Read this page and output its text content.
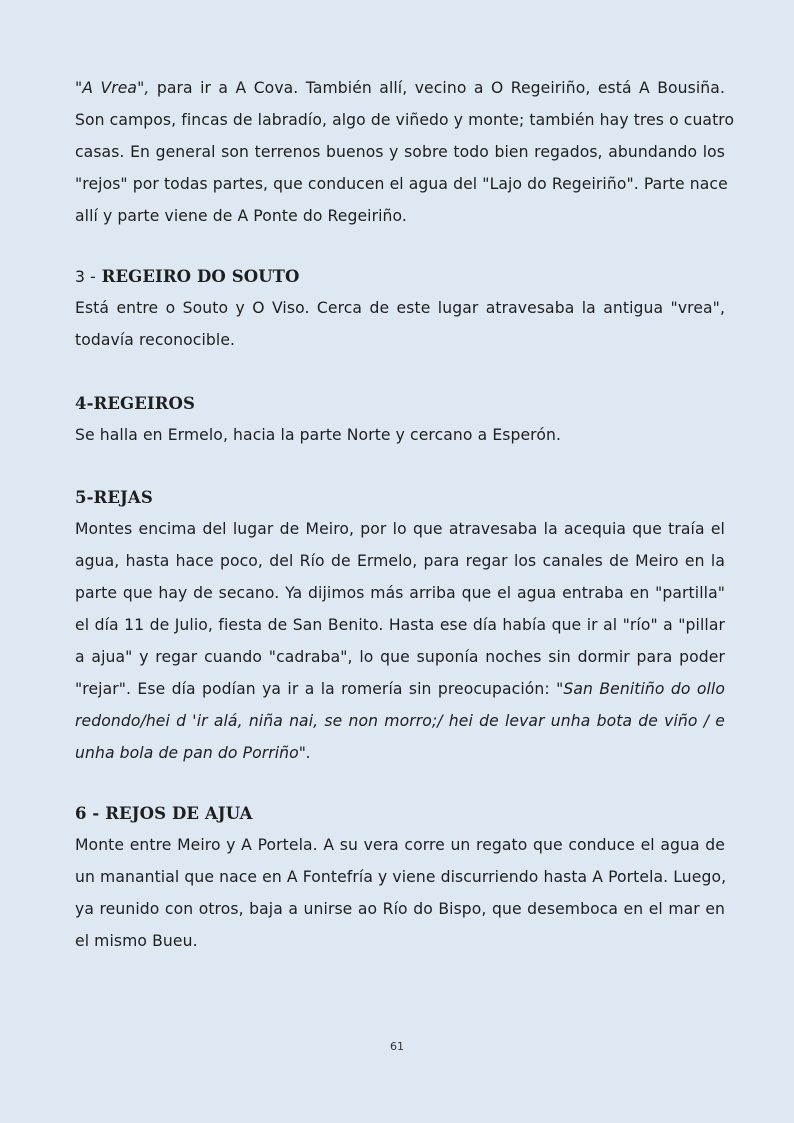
"A Vrea", para ir a A Cova. También allí, vecino a O Regeiriño, está A Bousiña.
Son campos, fincas de labradío, algo de viñedo y monte; también hay tres o cuatro
casas. En general son terrenos buenos y sobre todo bien regados, abundando los
"rejos" por todas partes, que conducen el agua del "Lajo do Regeiriño". Parte nace
allí y parte viene de A Ponte do Regeiriño.
3 - REGEIRO DO SOUTO
Está entre o Souto y O Viso. Cerca de este lugar atravesaba la antigua "vrea",
todavía reconocible.
4-REGEIROS
Se halla en Ermelo, hacia la parte Norte y cercano a Esperón.
5-REJAS
Montes encima del lugar de Meiro, por lo que atravesaba la acequia que traía el
agua, hasta hace poco, del Río de Ermelo, para regar los canales de Meiro en la
parte que hay de secano. Ya dijimos más arriba que el agua entraba en "partilla"
el día 11 de Julio, fiesta de San Benito. Hasta ese día había que ir al "río" a "pillar
a ajua" y regar cuando "cadraba", lo que suponía noches sin dormir para poder
"rejar". Ese día podían ya ir a la romería sin preocupación: "San Benitiño do ollo
redondo/hei d 'ir alá, niña nai, se non morro;/ hei de levar unha bota de viño / e
unha bola de pan do Porriño".
6 - REJOS DE AJUA
Monte entre Meiro y A Portela. A su vera corre un regato que conduce el agua de
un manantial que nace en A Fontefría y viene discurriendo hasta A Portela. Luego,
ya reunido con otros, baja a unirse ao Río do Bispo, que desemboca en el mar en
el mismo Bueu.
61
